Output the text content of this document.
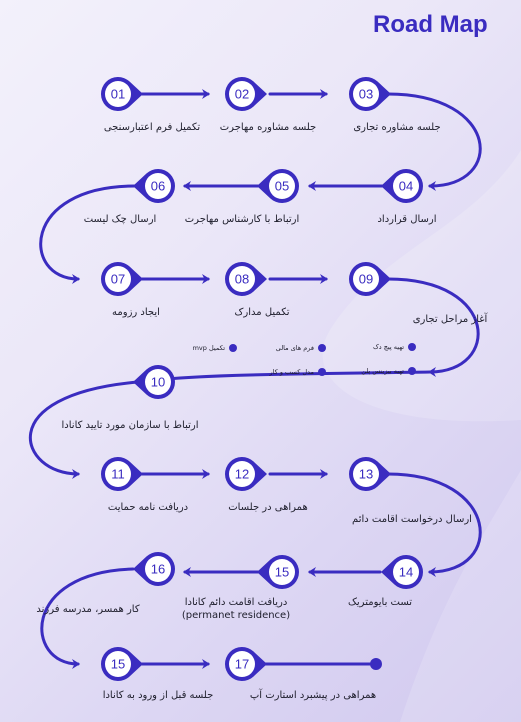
01	02	03
04
05
06
07	08	09
10
11	12	13
14
15
16
15	17
Road Map
تکمیل فرم اعتبارسنجی جلسه مشاوره مهاجرت	جلسه مشاوره تجاری
ارسال قرارداد
ارتباط با کارشناس مهاجرت
ارسال چک لیست
ایجاد رزومه	تکمیل مدارک
آغاز مراحل تجاری
ارتباط با سازمان مورد تایید کانادا
دریافت نامه حمایت	همراهی در جلسات
ارسال درخواست اقامت دائم
تست بایومتریک
دریافت اقامت دائم کانادا
(permanet residence)
کار همسر، مدرسه فرزند
جلسه قبل از ورود به کانادا	همراهی در پیشبرد استارت آپ
تهیه پیچ دک
تهیه بیزینس پلن
فرم های مالی
مدل کسب و کار
تکمیل mvp
